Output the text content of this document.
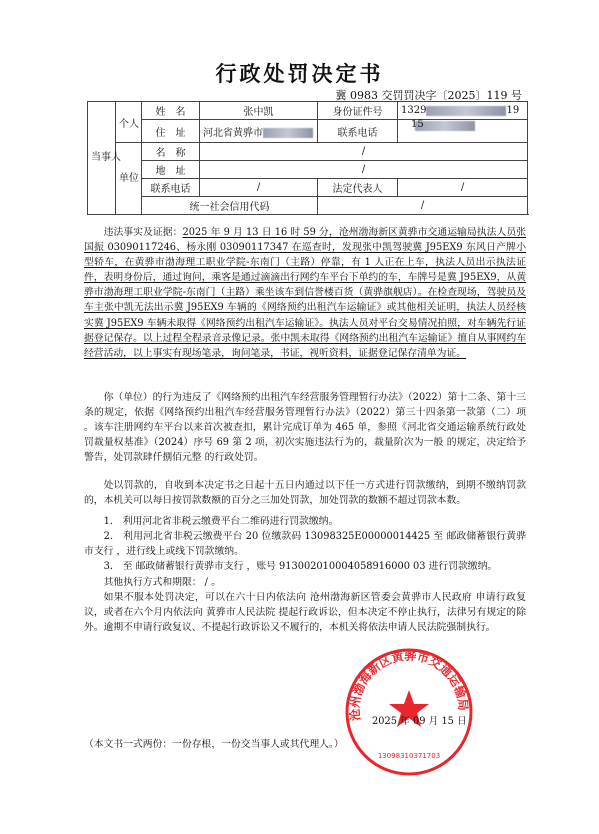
行政处罚决定书
冀 0983 交罚罚决字〔2025〕119 号
当事人	个人	姓　名	张中凯	身份证件号	1329 19
		住　址	河北省黄骅市	联系电话	15
	单位	名　称	/		
		地　址	/		
		联系电话	/	法定代表人	/
		统一社会信用代码		/	

违法事实及证据：2025 年 9 月 13 日 16 时 59 分，沧州渤海新区黄骅市交通运输局执法人员张国振 03090117246、杨永刚 03090117347 在巡查时，发现张中凯驾驶冀 J95EX9 东风日产牌小型轿车，在黄骅市渤海理工职业学院-东南门（主路）停靠，有 1 人正在上车，执法人员出示执法证件，表明身份后，通过询问，乘客是通过滴滴出行网约车平台下单约的车，车牌号是冀 J95EX9，从黄骅市渤海理工职业学院-东南门（主路）乘坐该车到信誉楼百货（黄骅旗舰店）。在检查现场，驾驶员及车主张中凯无法出示冀 J95EX9 车辆的《网络预约出租汽车运输证》或其他相关证明，执法人员经核实冀 J95EX9 车辆未取得《网络预约出租汽车运输证》。执法人员对平台交易情况拍照，对车辆先行证据登记保存。以上过程全程录音录像记录。张中凯未取得《网络预约出租汽车运输证》擅自从事网约车经营活动，以上事实有现场笔录，询问笔录，书证，视听资料，证据登记保存清单为证。

你（单位）的行为违反了《网络预约出租汽车经营服务管理暂行办法》（2022）第十二条、第十三条的规定，依据《网络预约出租汽车经营服务管理暂行办法》（2022）第三十四条第一款第（二）项 。该车注册网约车平台以来首次被查扣，累计完成订单为 465 单，参照《河北省交通运输系统行政处罚裁量权基准》（2024）序号 69 第 2 项，初次实施违法行为的，裁量阶次为一般 的规定，决定给予 警告，处罚款肆仟捌佰元整 的行政处罚。

处以罚款的，自收到本决定书之日起十五日内通过以下任一方式进行罚款缴纳，到期不缴纳罚款的，本机关可以每日按罚款数额的百分之三加处罚款，加处罚款的数额不超过罚款本数。

1． 利用河北省非税云缴费平台二维码进行罚款缴纳。

2． 利用河北省非税云缴费平台 20 位缴款码 13098325E00000014425 至 邮政储蓄银行黄骅市支行 ，进行线上或线下罚款缴纳。

3． 至 邮政储蓄银行黄骅市支行 ，账号 913002010004058916000 03 进行罚款缴纳。

其他执行方式和期限： / 。

如果不服本处罚决定，可以在六十日内依法向 沧州渤海新区管委会黄骅市人民政府 申请行政复议，或者在六个月内依法向 黄骅市人民法院 提起行政诉讼，但本决定不停止执行，法律另有规定的除外。逾期不申请行政复议、不提起行政诉讼又不履行的，本机关将依法申请人民法院强制执行。

沧州渤海新区黄骅市交通运输局
13098310371703
2025 年 09 月 15 日
（本文书一式两份：一份存根，一份交当事人或其代理人。）
